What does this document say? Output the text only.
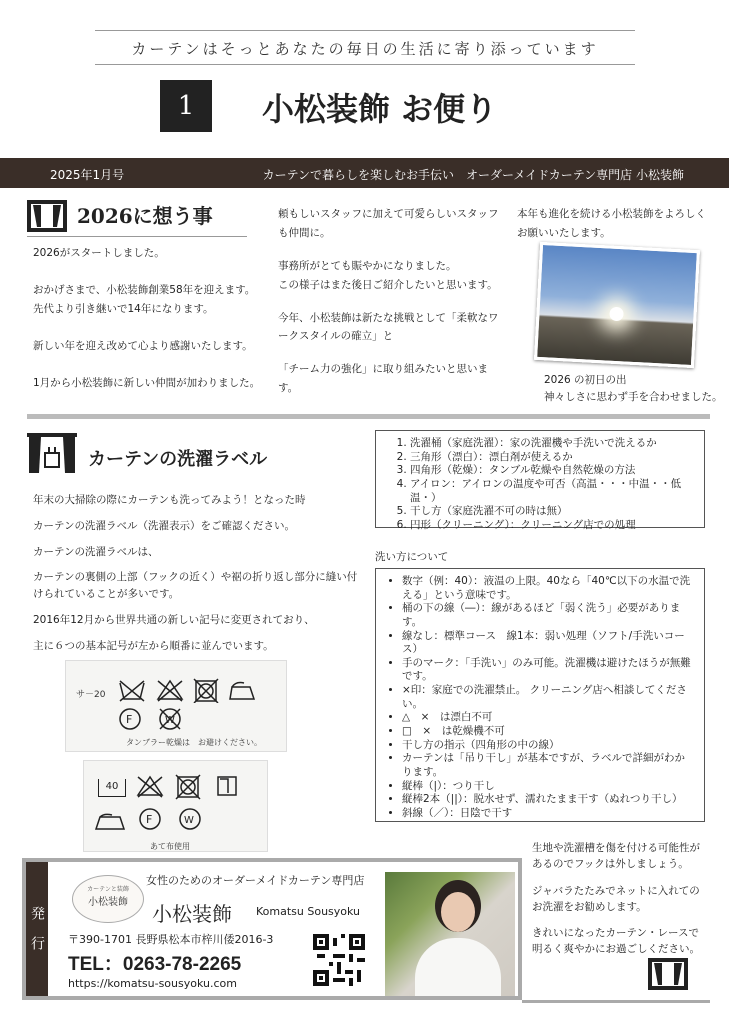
カーテンはそっとあなたの毎日の生活に寄り添っています
1	小松装飾 お便り
2025年1月号	カーテンで暮らしを楽しむお手伝い　オーダーメイドカーテン専門店 小松装飾
2026に想う事
2026がスタートしました。
おかげさまで、小松装飾創業58年を迎えます。
先代より引き継いで14年になります。
新しい年を迎え改めて心より感謝いたします。
1月から小松装飾に新しい仲間が加わりました。
頼もしいスタッフに加えて可愛らしいスタッフも仲間に。
事務所がとても賑やかになりました。
この様子はまた後日ご紹介したいと思います。
今年、小松装飾は新たな挑戦として「柔軟なワークスタイルの確立」と
「チーム力の強化」に取り組みたいと思います。
本年も進化を続ける小松装飾をよろしくお願いいたします。
2026 の初日の出
神々しさに思わず手を合わせました。
カーテンの洗濯ラベル
年末の大掃除の際にカーテンも洗ってみよう！となった時
カーテンの洗濯ラベル（洗濯表示）をご確認ください。
カーテンの洗濯ラベルは、
カーテンの裏側の上部（フックの近く）や裾の折り返し部分に縫い付けられていることが多いです。
2016年12月から世界共通の新しい記号に変更されており、
主に６つの基本記号が左から順番に並んでいます。
サ－20
F	W
タンブラー乾燥は　お避けください。
40
F	W
あて布使用
1. 洗濯桶（家庭洗濯）：家の洗濯機や手洗いで洗えるか
2. 三角形（漂白）：漂白剤が使えるか
3. 四角形（乾燥）：タンブル乾燥や自然乾燥の方法
4. アイロン：アイロンの温度や可否（高温・・・中温・・低温・）
5. 干し方（家庭洗濯不可の時は無）
6. 円形（クリーニング）：クリーニング店での処理
洗い方について
• 数字（例：40）：液温の上限。40なら「40℃以下の水温で洗える」という意味です。
• 桶の下の線（―）：線があるほど「弱く洗う」必要があります。
• 線なし：標準コース　線1本：弱い処理（ソフト/手洗いコース）
• 手のマーク：「手洗い」のみ可能。洗濯機は避けたほうが無難です。
• ×印：家庭での洗濯禁止。 クリーニング店へ相談してください。
• △　×　は漂白不可
• □　×　は乾燥機不可
• 干し方の指示（四角形の中の線）
• カーテンは「吊り干し」が基本ですが、ラベルで詳細がわかります。
• 縦棒（|）：つり干し
• 縦棒2本（||）：脱水せず、濡れたまま干す（ぬれつり干し）
• 斜線（／）：日陰で干す
生地や洗濯槽を傷を付ける可能性があるのでフックは外しましょう。
ジャバラたたみでネットに入れてのお洗濯をお勧めします。
きれいになったカーテン・レースで明るく爽やかにお過ごしください。
発行
カーテンと装飾
小松装飾
女性のためのオーダーメイドカーテン専門店
小松装飾 Komatsu Sousyoku
〒390-1701 長野県松本市梓川倭2016-3
TEL：0263-78-2265
https://komatsu-sousyoku.com
